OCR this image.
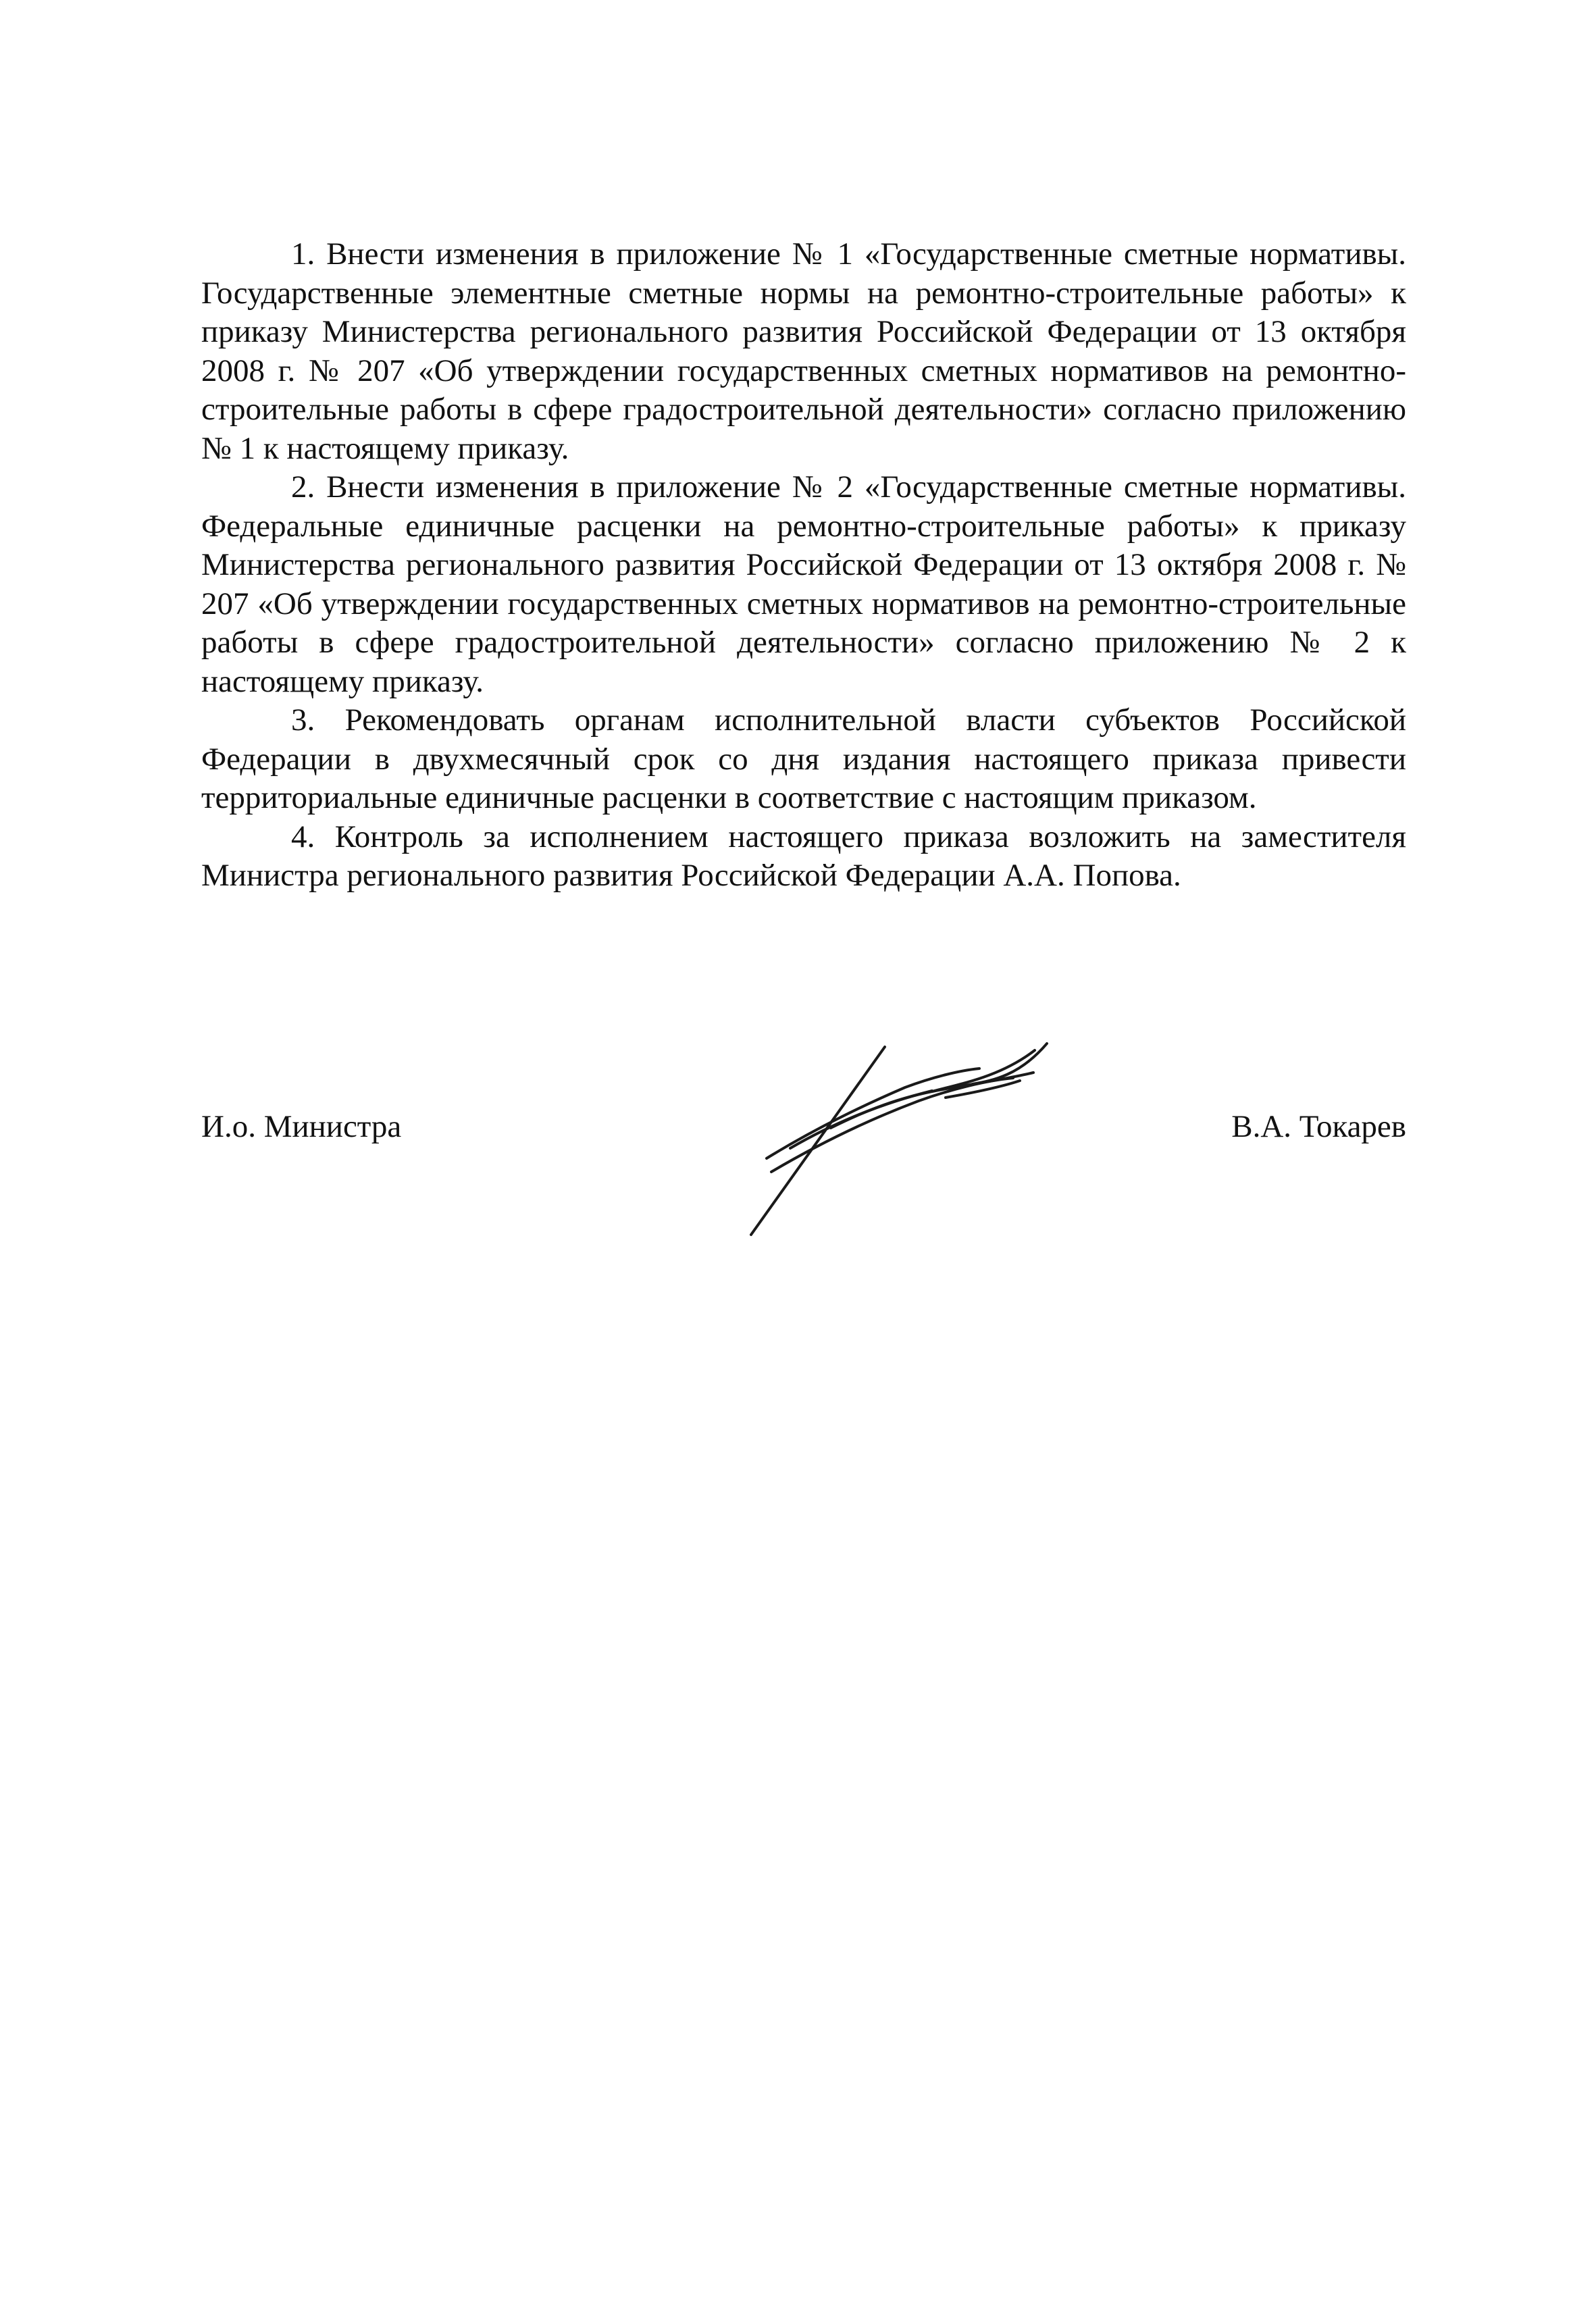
1. Внести изменения в приложение № 1 «Государственные сметные нормативы. Государственные элементные сметные нормы на ремонтно-строительные работы» к приказу Министерства регионального развития Российской Федерации от 13 октября 2008 г. № 207 «Об утверждении государственных сметных нормативов на ремонтно-строительные работы в сфере градостроительной деятельности» согласно приложению № 1 к настоящему приказу.

2. Внести изменения в приложение № 2 «Государственные сметные нормативы. Федеральные единичные расценки на ремонтно-строительные работы» к приказу Министерства регионального развития Российской Федерации от 13 октября 2008 г. № 207 «Об утверждении государственных сметных нормативов на ремонтно-строительные работы в сфере градостроительной деятельности» согласно приложению № 2 к настоящему приказу.

3. Рекомендовать органам исполнительной власти субъектов Российской Федерации в двухмесячный срок со дня издания настоящего приказа привести территориальные единичные расценки в соответствие с настоящим приказом.

4. Контроль за исполнением настоящего приказа возложить на заместителя Министра регионального развития Российской Федерации А.А. Попова.

И.о. Министра	В.А. Токарев
